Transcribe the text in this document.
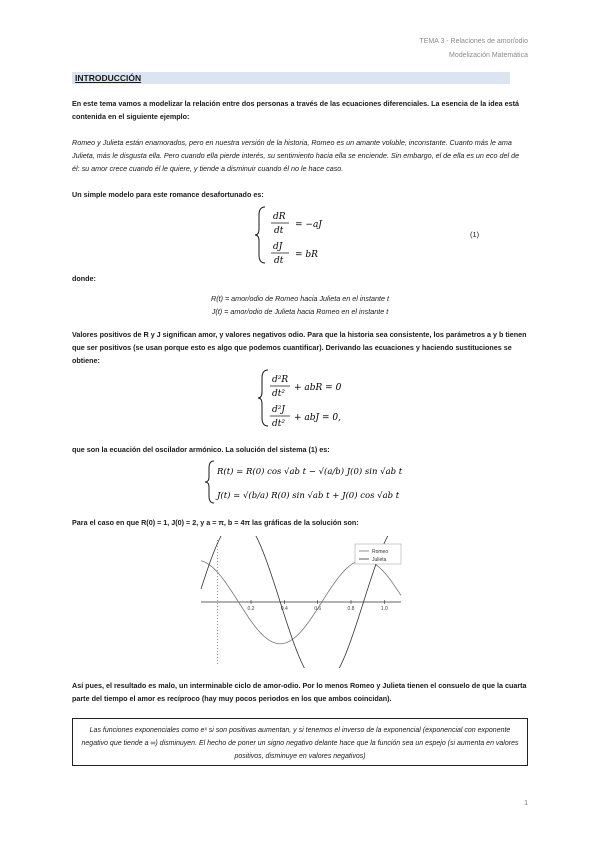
TEMA 3 - Relaciones de amor/odio
Modelización Matemática
INTRODUCCIÓN
En este tema vamos a modelizar la relación entre dos personas a través de las ecuaciones diferenciales. La esencia de la idea está contenida en el siguiente ejemplo:
Romeo y Julieta están enamorados, pero en nuestra versión de la historia, Romeo es un amante voluble, inconstante. Cuanto más le ama Julieta, más le disgusta ella. Pero cuando ella pierde interés, su sentimiento hacia ella se enciende. Sin embargo, el de ella es un eco del de él: su amor crece cuando él le quiere, y tiende a disminuir cuando él no le hace caso.
Un simple modelo para este romance desafortunado es:
dR
dt
= −aJ
dJ
dt
= bR
(1)
donde:
R(t) = amor/odio de Romeo hacia Julieta en el instante t
J(t) = amor/odio de Julieta hacia Romeo en el instante t
Valores positivos de R y J significan amor, y valores negativos odio. Para que la historia sea consistente, los parámetros a y b tienen que ser positivos (se usan porque esto es algo que podemos cuantificar). Derivando las ecuaciones y haciendo sustituciones se obtiene:
d²R
dt²
+ abR = 0
d²J
dt²
+ abJ = 0,
que son la ecuación del oscilador armónico. La solución del sistema (1) es:
R(t) = R(0) cos √ab t − √(a/b) J(0) sin √ab t
J(t) = √(b/a) R(0) sin √ab t + J(0) cos √ab t
Para el caso en que R(0) = 1, J(0) = 2, y a = π, b = 4π las gráficas de la solución son:
0.2	0.4	0.6	0.8	1.0
Romeo
Julieta
Así pues, el resultado es malo, un interminable ciclo de amor-odio. Por lo menos Romeo y Julieta tienen el consuelo de que la cuarta parte del tiempo el amor es recíproco (hay muy pocos periodos en los que ambos coincidan).
Las funciones exponenciales como eˣ si son positivas aumentan, y si tenemos el inverso de la exponencial (exponencial con exponente negativo que tiende a ∞) disminuyen. El hecho de poner un signo negativo delante hace que la función sea un espejo (si aumenta en valores positivos, disminuye en valores negativos)
1
